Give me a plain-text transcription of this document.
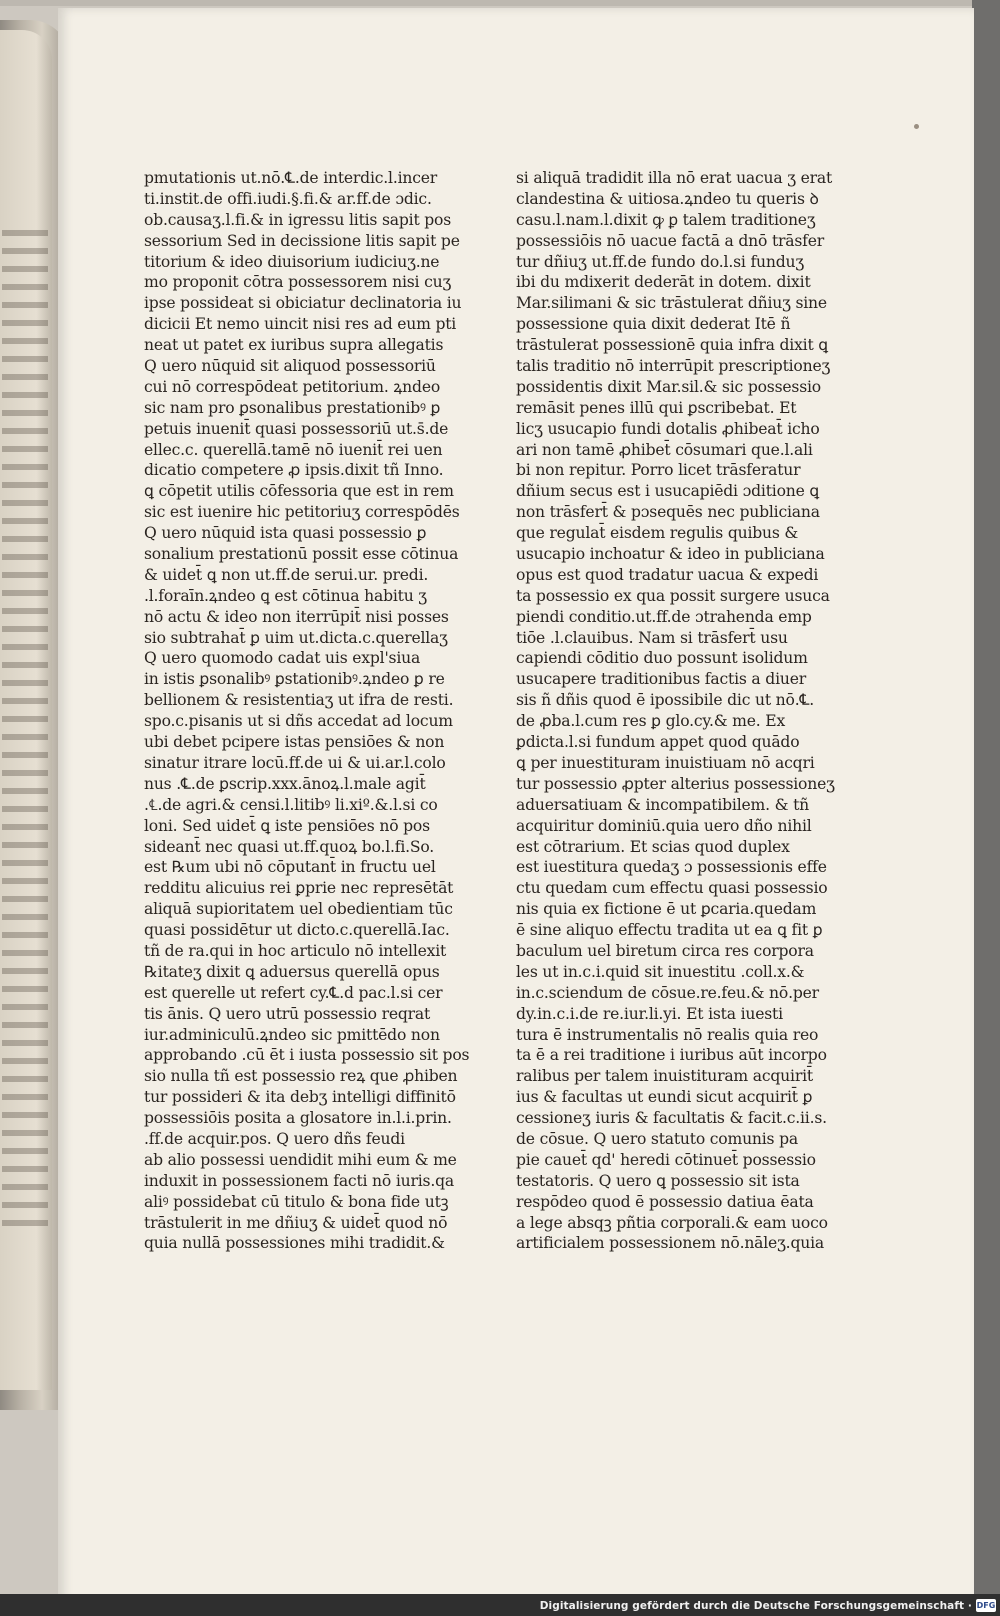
pmutationis ut.nō.℄.de interdic.l.incer
ti.instit.de offi.iudi.§.fi.& ar.ff.de ɔdic.
ob.causaʒ.l.fi.& in igressu litis sapit pos
sessorium Sed in decissione litis sapit pe
titorium & ideo diuisorium iudiciuʒ.ne
mo proponit cōtra possessorem nisi cuʒ
ipse possideat si obiciatur declinatoria iu
dicicii Et nemo uincit nisi res ad eum pti
neat ut patet ex iuribus supra allegatis
Q uero nūquid sit aliquod possessoriū
cui nō correspōdeat petitorium. ꝝndeo
sic nam pro ꝑsonalibus prestationibꝰ ꝑ
petuis inuenit̄ quasi possessoriū ut.s̄.de
ellec.c. querellā.tamē nō iuenit̄ rei uen
dicatio competere ꝓ ipsis.dixit tñ Inno.
ꝗ cōpetit utilis cōfessoria que est in rem
sic est iuenire hic petitoriuʒ correspōdēs
Q uero nūquid ista quasi possessio ꝑ
sonalium prestationū possit esse cōtinua
& uidet̄ ꝗ non ut.ff.de serui.ur. predi.
.l.foraīn.ꝝndeo ꝗ est cōtinua habitu ʒ
nō actu & ideo non iterrūpit̄ nisi posses
sio subtrahat̄ ꝑ uim ut.dicta.c.querellaʒ
Q uero quomodo cadat uis expl'siua
in istis ꝑsonalibꝰ ꝑstationibꝰ.ꝝndeo ꝑ re
bellionem & resistentiaʒ ut ifra de resti.
spo.c.pisanis ut si dñs accedat ad locum
ubi debet pcipere istas pensiōes & non
sinatur itrare locū.ff.de ui & ui.ar.l.colo
nus .℄.de ꝑscrip.xxx.ānoꝝ.l.male agit̄
.℄.de agri.& censi.l.litibꝰ li.xiº.&.l.si co
loni. Sed uidet̄ ꝗ iste pensiōes nō pos
sideant̄ nec quasi ut.ff.quoꝝ bo.l.fi.So.
est ℞um ubi nō cōputant̄ in fructu uel
redditu alicuius rei ꝑprie nec represētāt
aliquā supioritatem uel obedientiam tūc
quasi possidētur ut dicto.c.querellā.Iac.
tñ de ra.qui in hoc articulo nō intellexit
℞itateʒ dixit ꝗ aduersus querellā opus
est querelle ut refert cy.℄.d pac.l.si cer
tis ānis. Q uero utrū possessio reqrat
iur.adminiculū.ꝝndeo sic pmittēdo non
approbando .cū ēt i iusta possessio sit pos
sio nulla tñ est possessio reꝝ que ꝓhiben
tur possideri & ita debʒ intelligi diffinitō
possessiōis posita a glosatore in.l.i.prin.
.ff.de acquir.pos. Q uero dñs feudi
ab alio possessi uendidit mihi eum & me
induxit in possessionem facti nō iuris.qa
aliꝰ possidebat cū titulo & bona fide utꝫ
trāstulerit in me dñiuʒ & uidet̄ quod nō
quia nullā possessiones mihi tradidit.&
si aliquā tradidit illa nō erat uacua ʒ erat
clandestina & uitiosa.ꝝndeo tu queris ꝺ
casu.l.nam.l.dixit ꝙ ꝑ talem traditioneʒ
possessiōis nō uacue factā a dnō trāsfer
tur dñiuʒ ut.ff.de fundo do.l.si funduʒ
ibi du mdixerit dederāt in dotem. dixit
Mar.silimani & sic trāstulerat dñiuʒ sine
possessione quia dixit dederat Itē ñ
trāstulerat possessionē quia infra dixit ꝗ
talis traditio nō interrūpit prescriptioneʒ
possidentis dixit Mar.sil.& sic possessio
remāsit penes illū qui ꝑscribebat. Et
licʒ usucapio fundi dotalis ꝓhibeat̄ icho
ari non tamē ꝓhibet̄ cōsumari que.l.ali
bi non repitur. Porro licet trāsferatur
dñium secus est i usucapiēdi ɔditione ꝗ
non trāsfert̄ & pɔsequēs nec publiciana
que regulat̄ eisdem regulis quibus &
usucapio inchoatur & ideo in publiciana
opus est quod tradatur uacua & expedi
ta possessio ex qua possit surgere usuca
piendi conditio.ut.ff.de ɔtrahenda emp
tiōe .l.clauibus. Nam si trāsfert̄ usu
capiendi cōditio duo possunt isolidum
usucapere traditionibus factis a diuer
sis ñ dñis quod ē ipossibile dic ut nō.℄.
de ꝓba.l.cum res ꝑ glo.cy.& me. Ex
ꝑdicta.l.si fundum appet quod quādo
ꝗ per inuestituram inuistiuam nō acqri
tur possessio ꝓpter alterius possessioneʒ
aduersatiuam & incompatibilem. & tñ
acquiritur dominiū.quia uero dño nihil
est cōtrarium. Et scias quod duplex
est iuestitura quedaʒ ɔ possessionis effe
ctu quedam cum effectu quasi possessio
nis quia ex fictione ē ut ꝑcaria.quedam
ē sine aliquo effectu tradita ut ea ꝗ fit ꝑ
baculum uel biretum circa res corpora
les ut in.c.i.quid sit inuestitu .coll.x.&
in.c.sciendum de cōsue.re.feu.& nō.per
dy.in.c.i.de re.iur.li.yi. Et ista iuesti
tura ē instrumentalis nō realis quia reo
ta ē a rei traditione i iuribus aūt incorpo
ralibus per talem inuistituram acquirit̄
ius & facultas ut eundi sicut acquirit̄ ꝑ
cessioneʒ iuris & facultatis & facit.c.ii.s.
de cōsue. Q uero statuto comunis pa
pie cauet̄ qd' heredi cōtinuet̄ possessio
testatoris. Q uero ꝗ possessio sit ista
respōdeo quod ē possessio datiua ēata
a lege absqꝫ pñtia corporali.& eam uoco
artificialem possessionem nō.nāleʒ.quia
Digitalisierung gefördert durch die Deutsche Forschungsgemeinschaft · DFG
